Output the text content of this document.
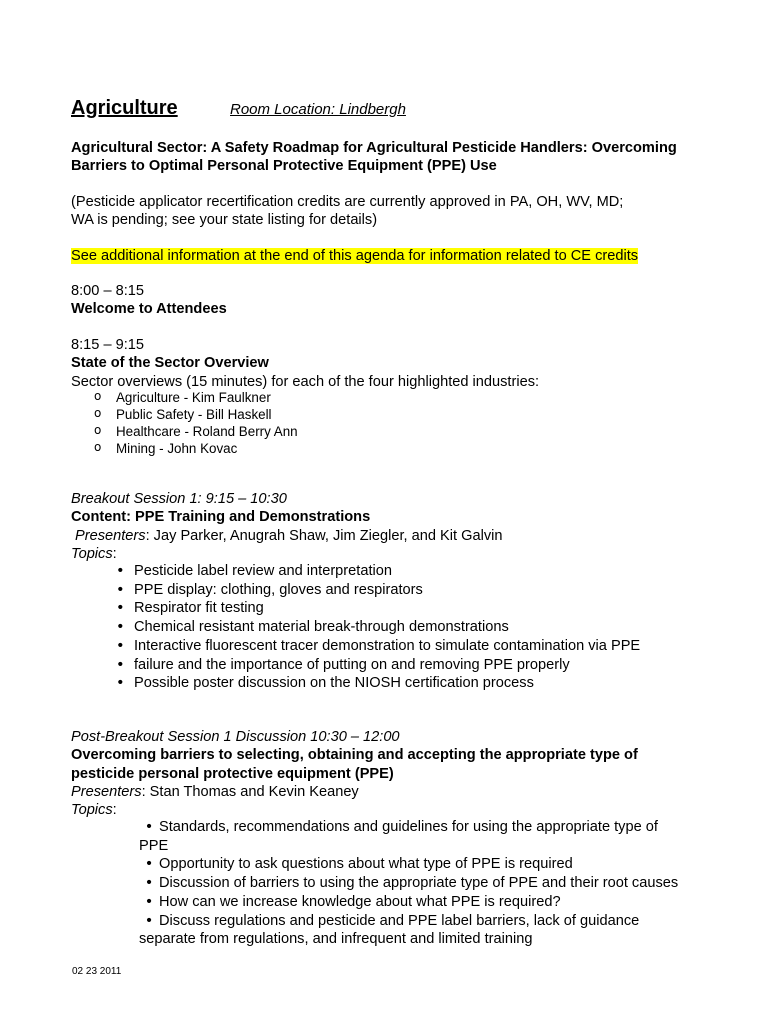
Agriculture	Room Location: Lindbergh
Agricultural Sector: A Safety Roadmap for Agricultural Pesticide Handlers: Overcoming
Barriers to Optimal Personal Protective Equipment (PPE) Use
(Pesticide applicator recertification credits are currently approved in PA, OH, WV, MD;
WA is pending; see your state listing for details)
See additional information at the end of this agenda for information related to CE credits
8:00 – 8:15
Welcome to Attendees
8:15 – 9:15
State of the Sector Overview
Sector overviews (15 minutes) for each of the four highlighted industries:
o Agriculture - Kim Faulkner
o Public Safety - Bill Haskell
o Healthcare - Roland Berry Ann
o Mining - John Kovac
Breakout Session 1: 9:15 – 10:30
Content: PPE Training and Demonstrations
Presenters: Jay Parker, Anugrah Shaw, Jim Ziegler, and Kit Galvin
Topics:
• Pesticide label review and interpretation
• PPE display: clothing, gloves and respirators
• Respirator fit testing
• Chemical resistant material break-through demonstrations
• Interactive fluorescent tracer demonstration to simulate contamination via PPE
• failure and the importance of putting on and removing PPE properly
• Possible poster discussion on the NIOSH certification process
Post-Breakout Session 1 Discussion 10:30 – 12:00
Overcoming barriers to selecting, obtaining and accepting the appropriate type of
pesticide personal protective equipment (PPE)
Presenters: Stan Thomas and Kevin Keaney
Topics:
• Standards, recommendations and guidelines for using the appropriate type of
PPE
• Opportunity to ask questions about what type of PPE is required
• Discussion of barriers to using the appropriate type of PPE and their root causes
• How can we increase knowledge about what PPE is required?
• Discuss regulations and pesticide and PPE label barriers, lack of guidance
separate from regulations, and infrequent and limited training
02 23 2011
